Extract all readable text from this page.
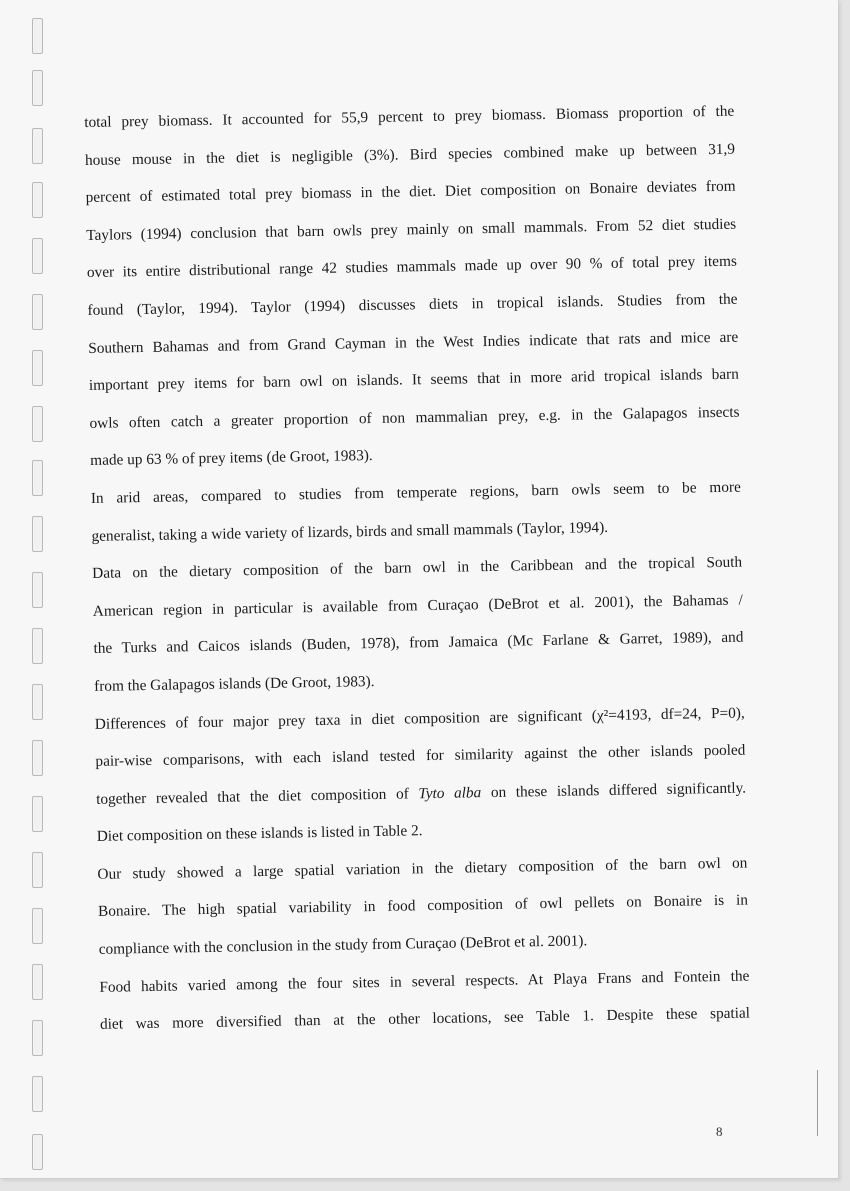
total prey biomass. It accounted for 55,9 percent to prey biomass. Biomass proportion of the
house mouse in the diet is negligible (3%). Bird species combined make up between 31,9
percent of estimated total prey biomass in the diet. Diet composition on Bonaire deviates from
Taylors (1994) conclusion that barn owls prey mainly on small mammals. From 52 diet studies
over its entire distributional range 42 studies mammals made up over 90 % of total prey items
found (Taylor, 1994). Taylor (1994) discusses diets in tropical islands. Studies from the
Southern Bahamas and from Grand Cayman in the West Indies indicate that rats and mice are
important prey items for barn owl on islands. It seems that in more arid tropical islands barn
owls often catch a greater proportion of non mammalian prey, e.g. in the Galapagos insects
made up 63 % of prey items (de Groot, 1983).
In arid areas, compared to studies from temperate regions, barn owls seem to be more
generalist, taking a wide variety of lizards, birds and small mammals (Taylor, 1994).
Data on the dietary composition of the barn owl in the Caribbean and the tropical South
American region in particular is available from Curaçao (DeBrot et al. 2001), the Bahamas /
the Turks and Caicos islands (Buden, 1978), from Jamaica (Mc Farlane & Garret, 1989), and
from the Galapagos islands (De Groot, 1983).
Differences of four major prey taxa in diet composition are significant (χ²=4193, df=24, P=0),
pair-wise comparisons, with each island tested for similarity against the other islands pooled
together revealed that the diet composition of Tyto alba on these islands differed significantly.
Diet composition on these islands is listed in Table 2.
Our study showed a large spatial variation in the dietary composition of the barn owl on
Bonaire. The high spatial variability in food composition of owl pellets on Bonaire is in
compliance with the conclusion in the study from Curaçao (DeBrot et al. 2001).
Food habits varied among the four sites in several respects. At Playa Frans and Fontein the
diet was more diversified than at the other locations, see Table 1. Despite these spatial
8
